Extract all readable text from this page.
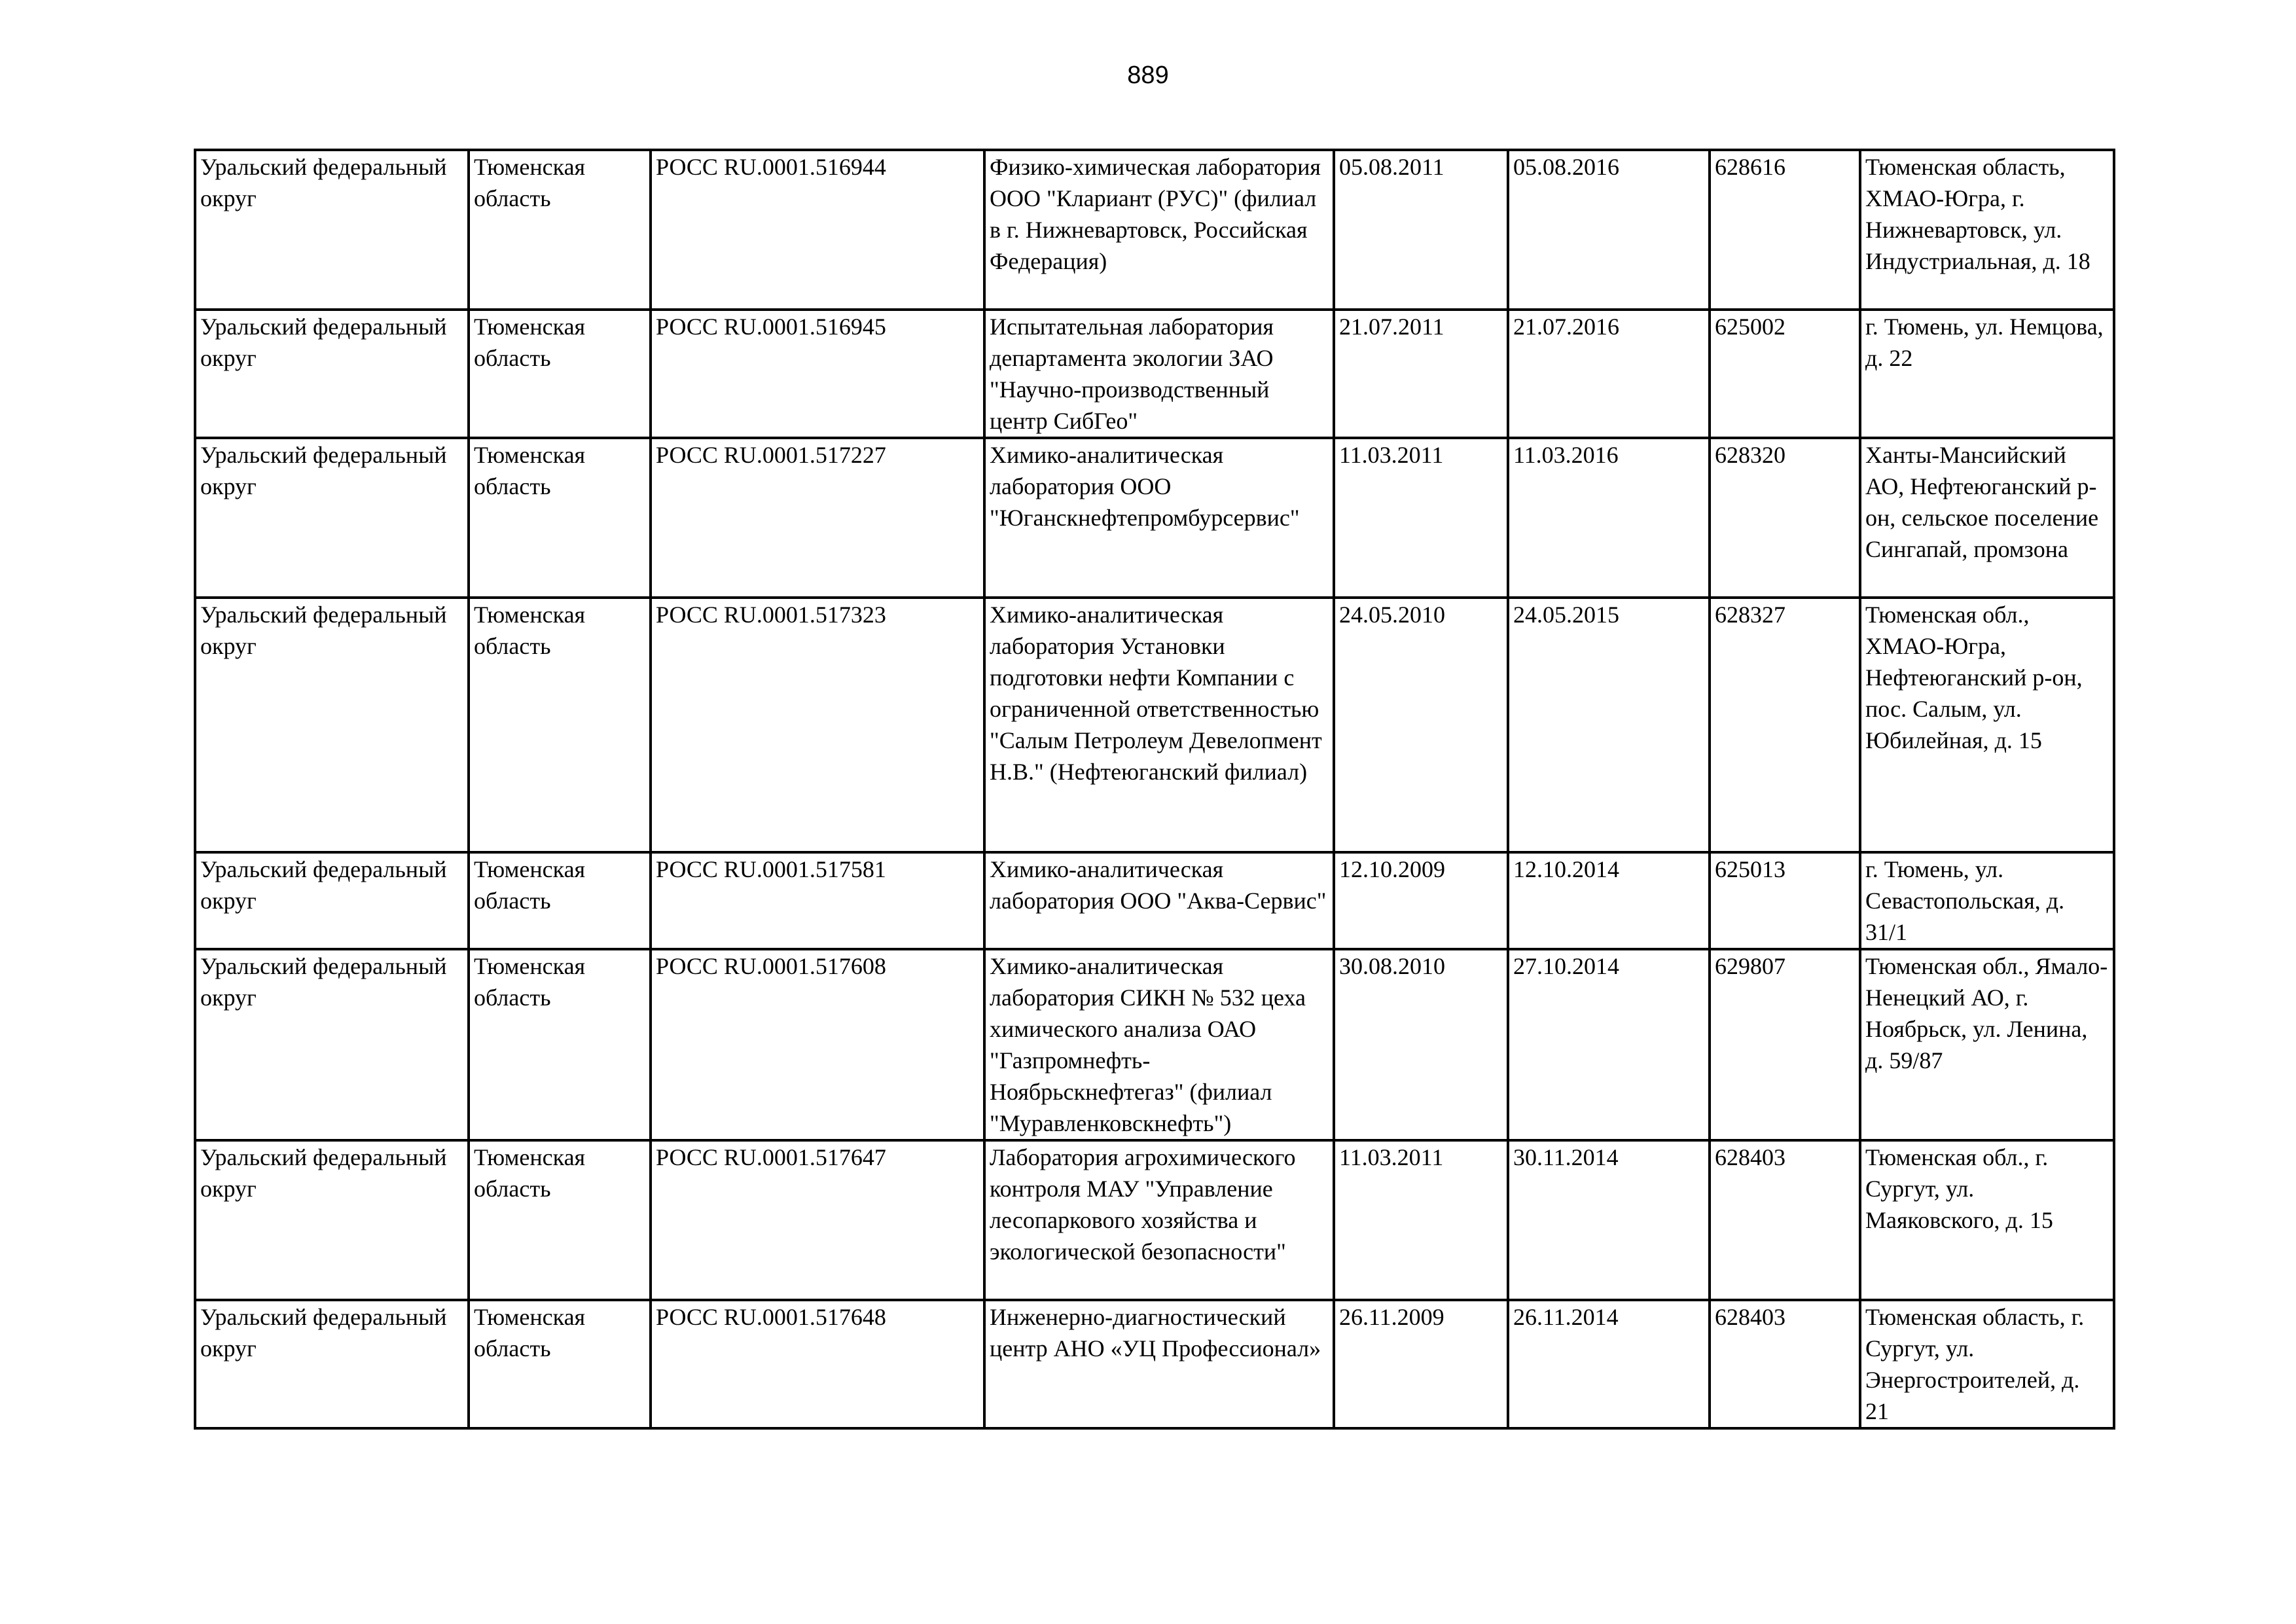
889
Уральский федеральный округ	Тюменская область	РОСС RU.0001.516944	Физико-химическая лаборатория ООО "Клариант (РУС)" (филиал в г. Нижневартовск, Российская Федерация)	05.08.2011	05.08.2016	628616	Тюменская область, ХМАО-Югра, г. Нижневартовск, ул. Индустриальная, д. 18
Уральский федеральный округ	Тюменская область	РОСС RU.0001.516945	Испытательная лаборатория департамента экологии ЗАО "Научно-производственный центр СибГео"	21.07.2011	21.07.2016	625002	г. Тюмень, ул. Немцова, д. 22
Уральский федеральный округ	Тюменская область	РОСС RU.0001.517227	Химико-аналитическая лаборатория ООО "Юганскнефтепромбурсервис"	11.03.2011	11.03.2016	628320	Ханты-Мансийский АО, Нефтеюганский р-он, сельское поселение Сингапай, промзона
Уральский федеральный округ	Тюменская область	РОСС RU.0001.517323	Химико-аналитическая лаборатория Установки подготовки нефти Компании с ограниченной ответственностью "Салым Петролеум Девелопмент Н.В." (Нефтеюганский филиал)	24.05.2010	24.05.2015	628327	Тюменская обл., ХМАО-Югра, Нефтеюганский р-он, пос. Салым, ул. Юбилейная, д. 15
Уральский федеральный округ	Тюменская область	РОСС RU.0001.517581	Химико-аналитическая лаборатория ООО "Аква-Сервис"	12.10.2009	12.10.2014	625013	г. Тюмень, ул. Севастопольская, д. 31/1
Уральский федеральный округ	Тюменская область	РОСС RU.0001.517608	Химико-аналитическая лаборатория СИКН № 532 цеха химического анализа ОАО "Газпромнефть-Ноябрьскнефтегаз" (филиал "Муравленковскнефть")	30.08.2010	27.10.2014	629807	Тюменская обл., Ямало-Ненецкий АО, г. Ноябрьск, ул. Ленина, д. 59/87
Уральский федеральный округ	Тюменская область	РОСС RU.0001.517647	Лаборатория агрохимического контроля МАУ "Управление лесопаркового хозяйства и экологической безопасности"	11.03.2011	30.11.2014	628403	Тюменская обл., г. Сургут, ул. Маяковского, д. 15
Уральский федеральный округ	Тюменская область	РОСС RU.0001.517648	Инженерно-диагностический центр АНО «УЦ Профессионал»	26.11.2009	26.11.2014	628403	Тюменская область, г. Сургут, ул. Энергостроителей, д. 21
